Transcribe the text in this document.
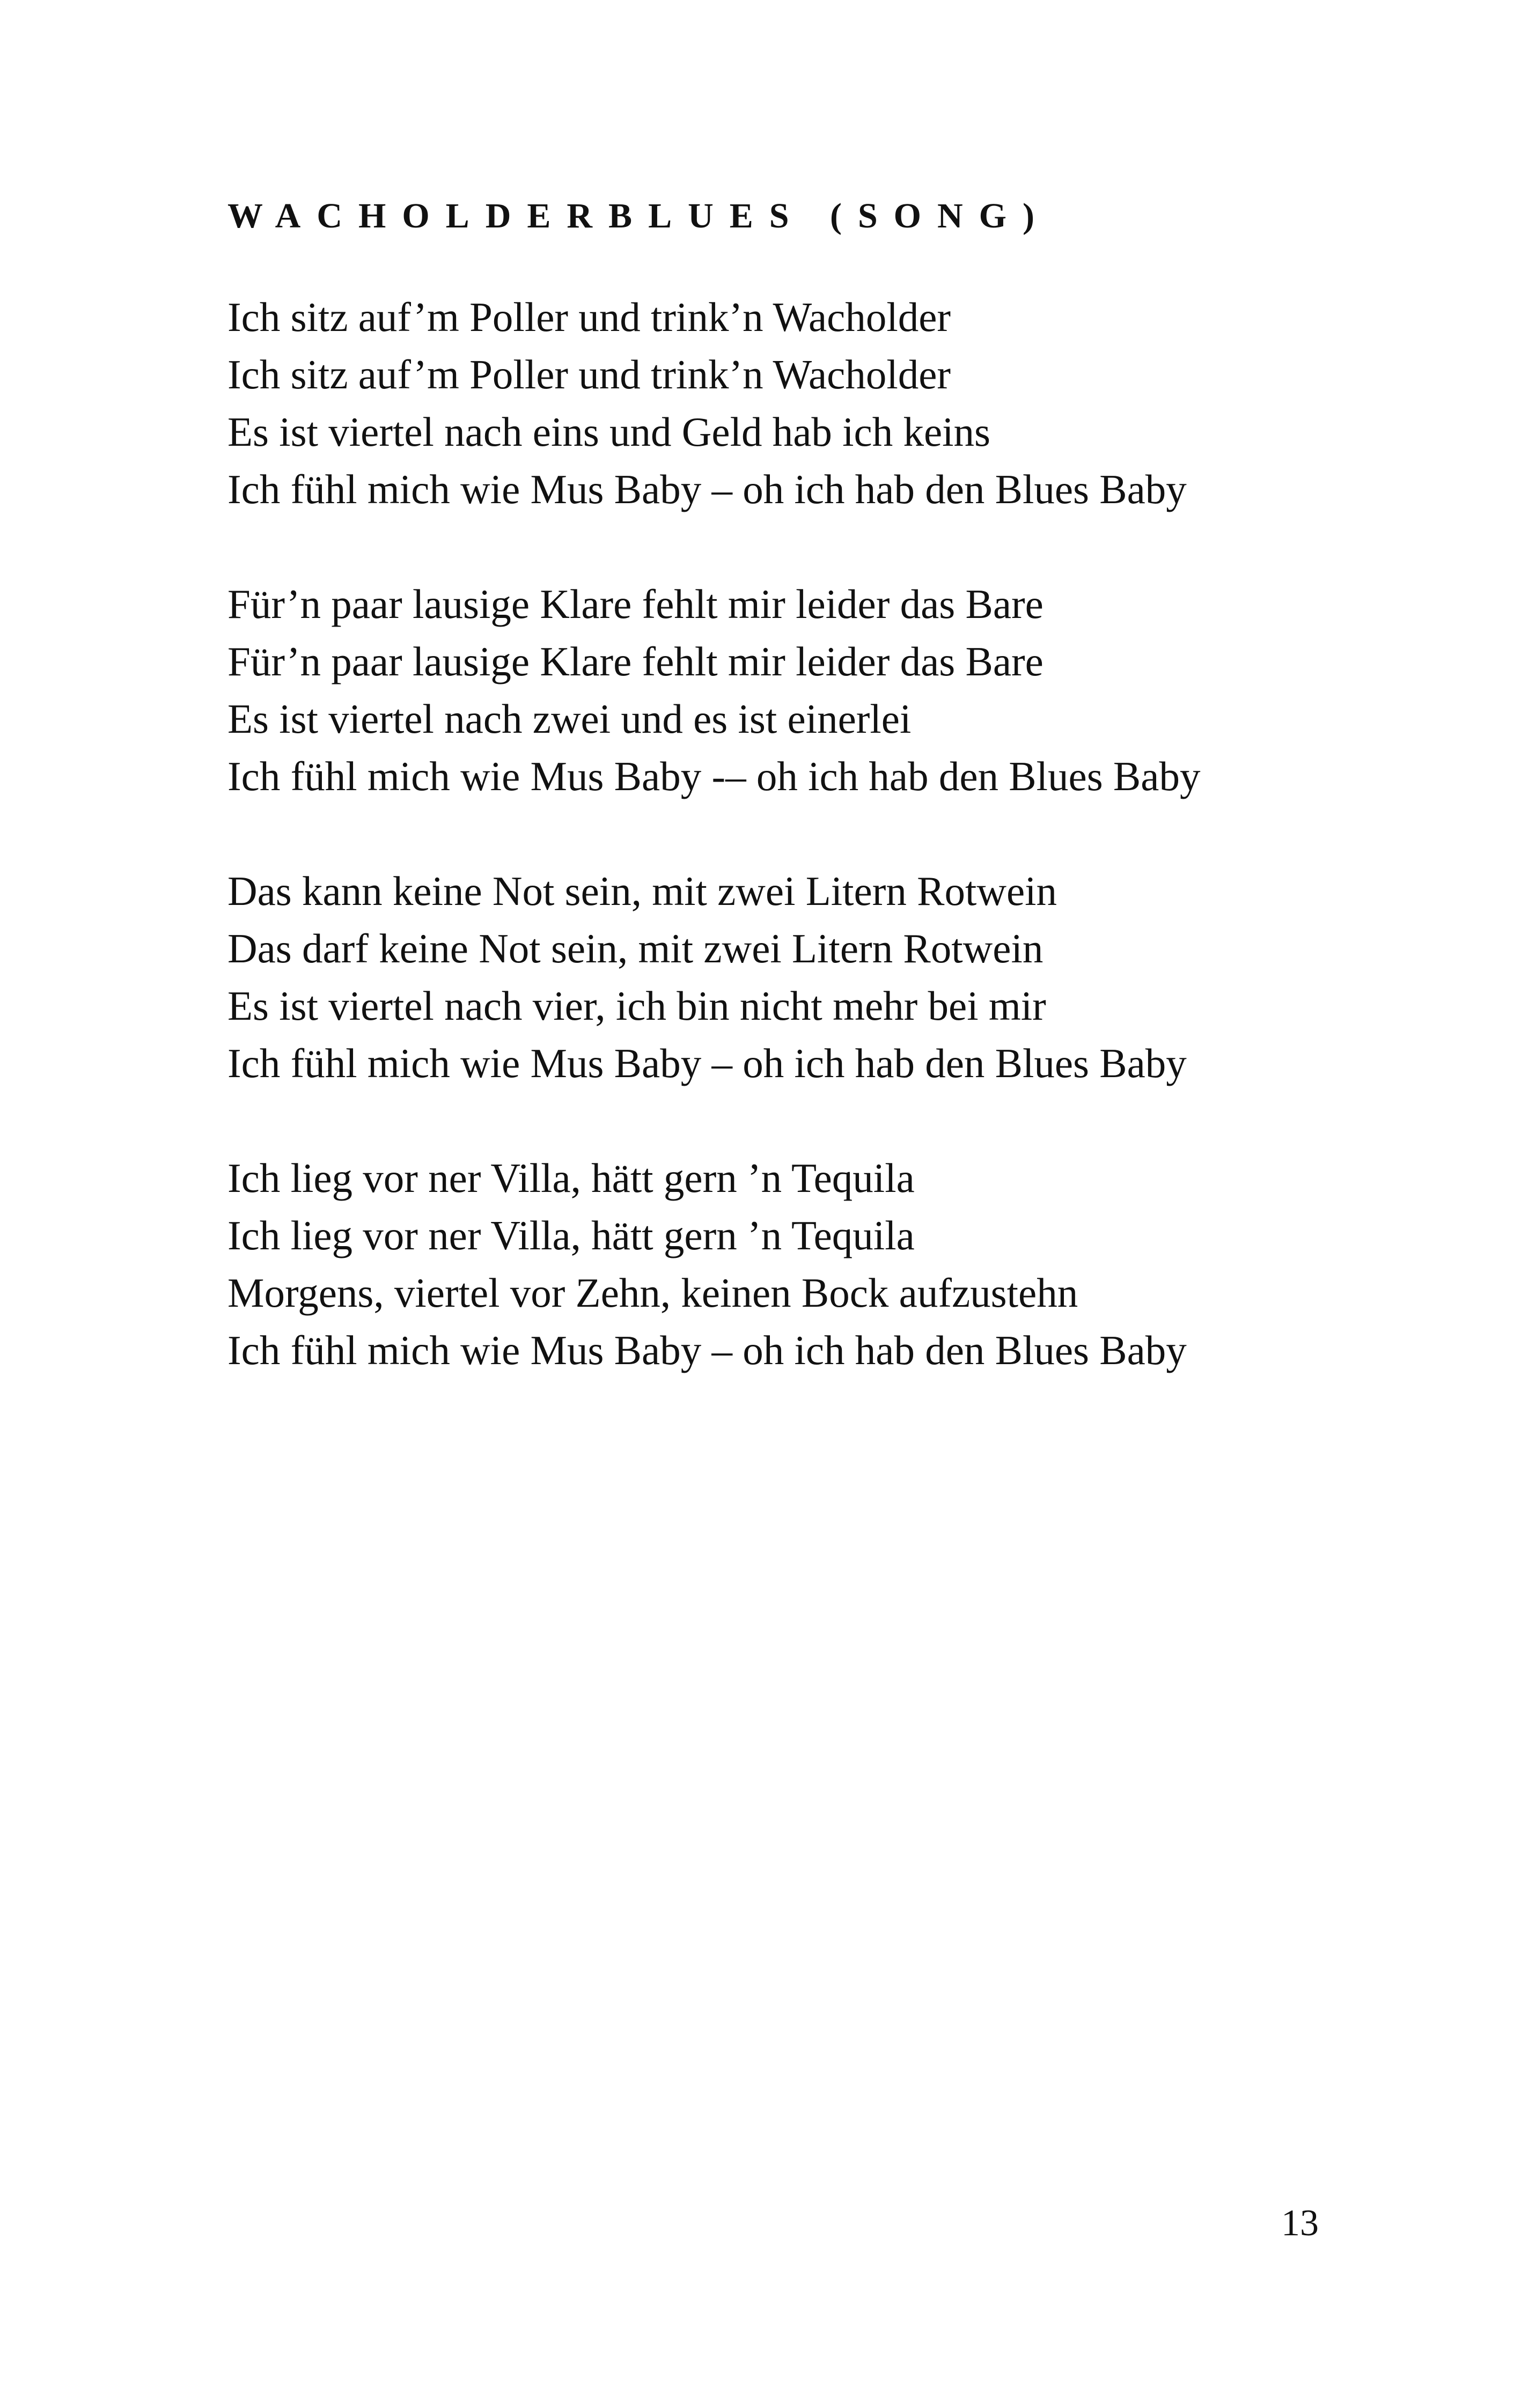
WACHOLDERBLUES (SONG)
Ich sitz auf’m Poller und trink’n Wacholder
Ich sitz auf’m Poller und trink’n Wacholder
Es ist viertel nach eins und Geld hab ich keins
Ich fühl mich wie Mus Baby – oh ich hab den Blues Baby
Für’n paar lausige Klare fehlt mir leider das Bare
Für’n paar lausige Klare fehlt mir leider das Bare
Es ist viertel nach zwei und es ist einerlei
Ich fühl mich wie Mus Baby -– oh ich hab den Blues Baby
Das kann keine Not sein, mit zwei Litern Rotwein
Das darf keine Not sein, mit zwei Litern Rotwein
Es ist viertel nach vier, ich bin nicht mehr bei mir
Ich fühl mich wie Mus Baby – oh ich hab den Blues Baby
Ich lieg vor ner Villa, hätt gern ’n Tequila
Ich lieg vor ner Villa, hätt gern ’n Tequila
Morgens, viertel vor Zehn, keinen Bock aufzustehn
Ich fühl mich wie Mus Baby – oh ich hab den Blues Baby
13
